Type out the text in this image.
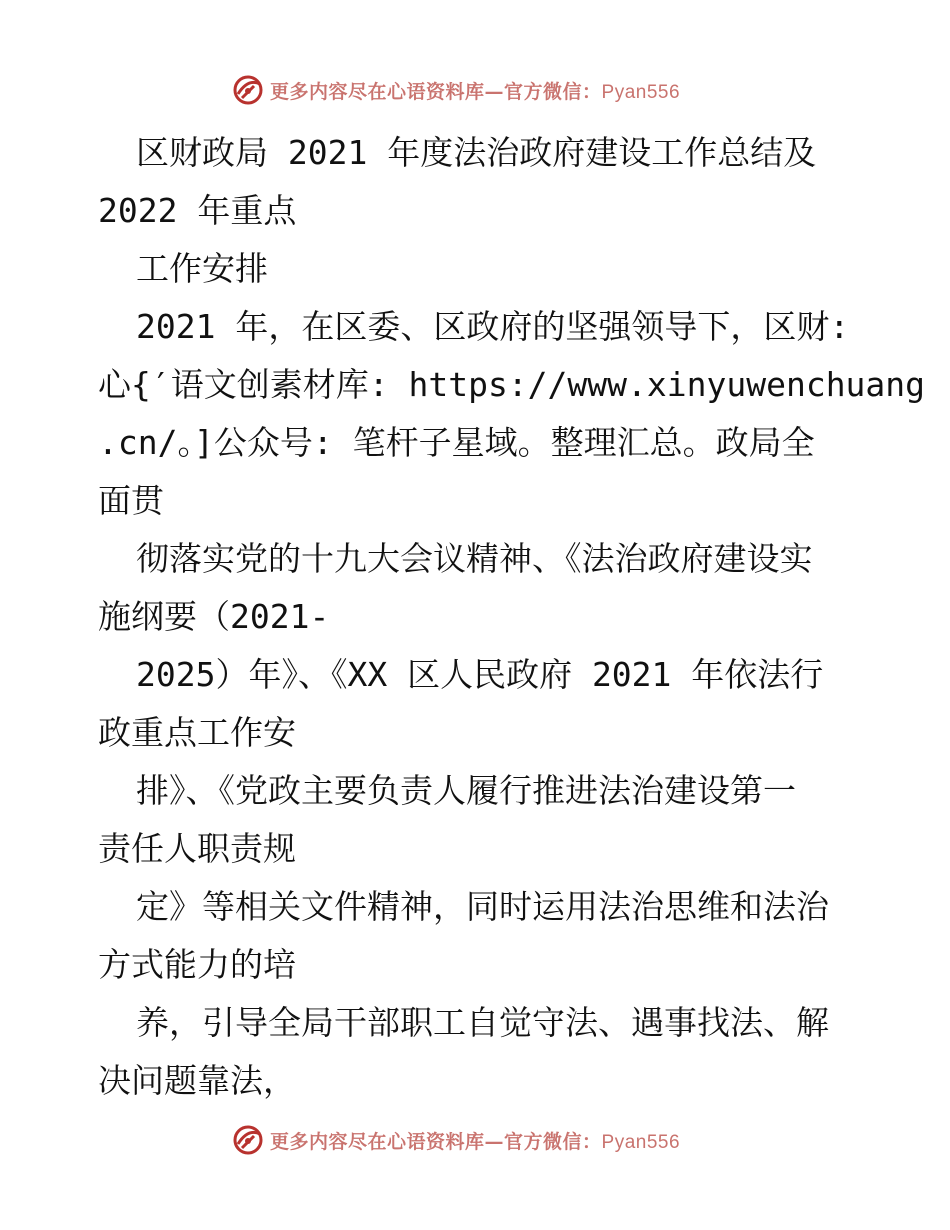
更多内容尽在心语资料库—官方微信：Pyan556
区财政局 2021 年度法治政府建设工作总结及
2022 年重点
工作安排
2021 年，在区委、区政府的坚强领导下，区财:
心{′语文创素材库: https://www.xinyuwenchuang
.cn/。]公众号: 笔杆子星域。整理汇总。政局全
面贯
彻落实党的十九大会议精神、《法治政府建设实
施纲要（2021-
2025）年》、《XX 区人民政府 2021 年依法行
政重点工作安
排》、《党政主要负责人履行推进法治建设第一
责任人职责规
定》等相关文件精神，同时运用法治思维和法治
方式能力的培
养，引导全局干部职工自觉守法、遇事找法、解
决问题靠法，
更多内容尽在心语资料库—官方微信：Pyan556
